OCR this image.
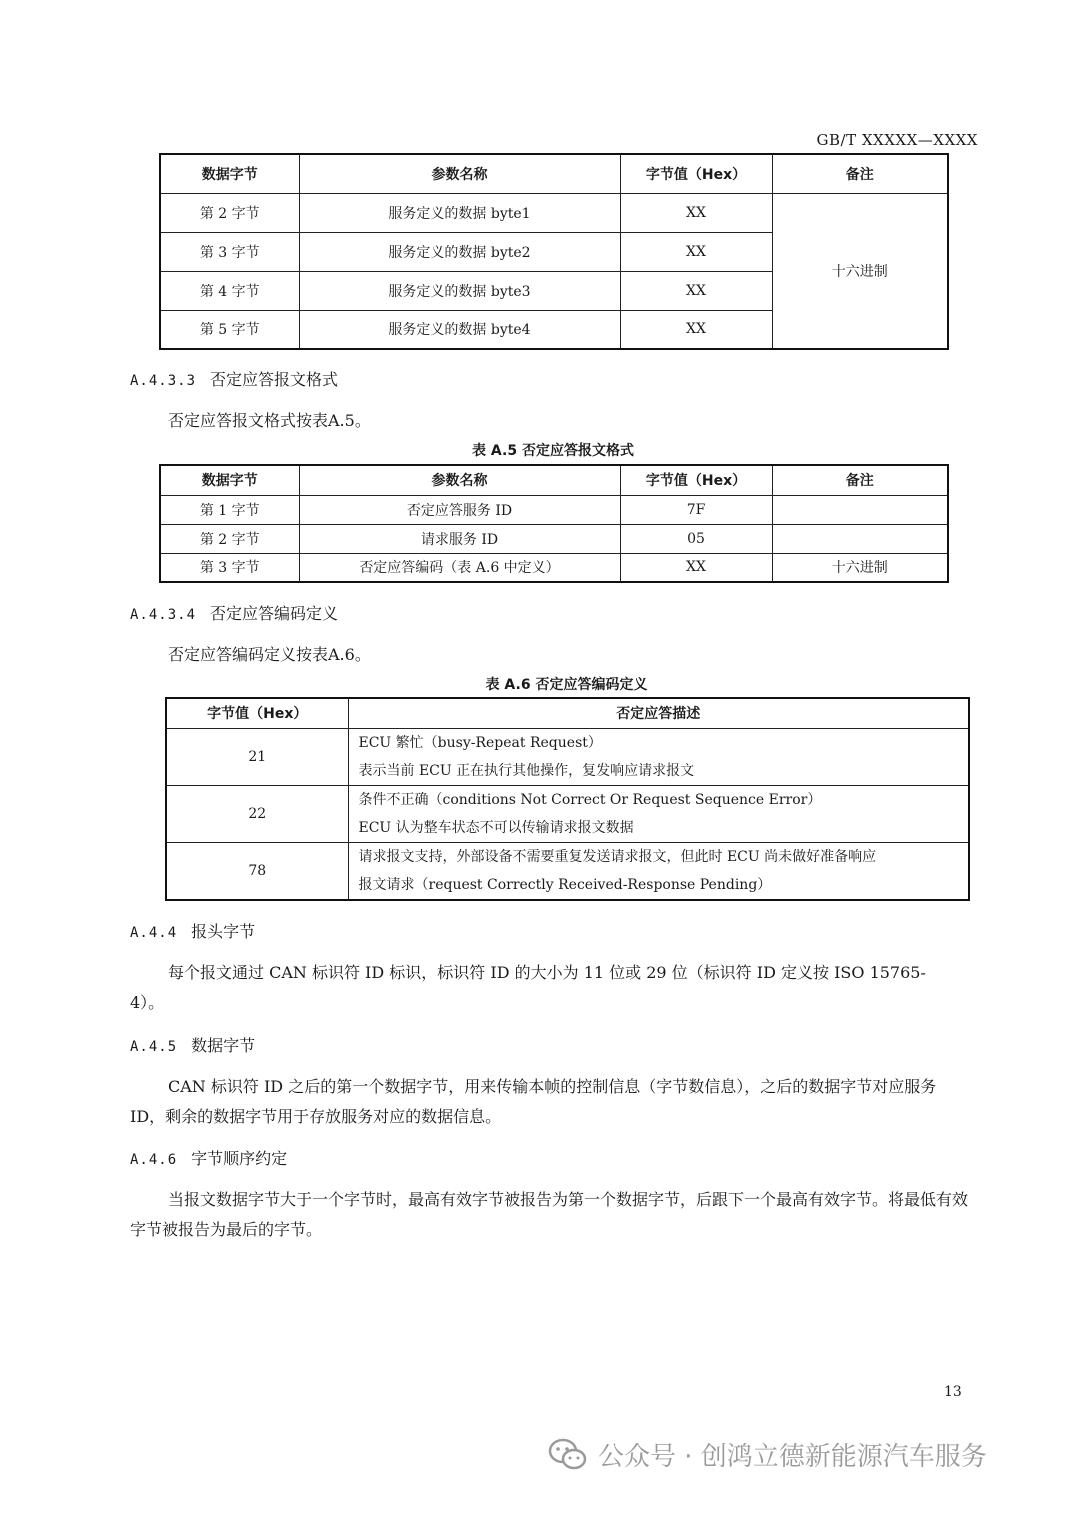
GB/T XXXXX—XXXX
数据字节	参数名称	字节值（Hex）	备注
第 2 字节	服务定义的数据 byte1	XX	十六进制
第 3 字节	服务定义的数据 byte2	XX	
第 4 字节	服务定义的数据 byte3	XX	
第 5 字节	服务定义的数据 byte4	XX	
A.4.3.3 否定应答报文格式
否定应答报文格式按表A.5。
表 A.5 否定应答报文格式
数据字节	参数名称	字节值（Hex）	备注
第 1 字节	否定应答服务 ID	7F	
第 2 字节	请求服务 ID	05	
第 3 字节	否定应答编码（表 A.6 中定义）	XX	十六进制
A.4.3.4 否定应答编码定义
否定应答编码定义按表A.6。
表 A.6 否定应答编码定义
字节值（Hex）	否定应答描述
21	ECU 繁忙（busy-Repeat Request）
表示当前 ECU 正在执行其他操作，复发响应请求报文

22	条件不正确（conditions Not Correct Or Request Sequence Error）
ECU 认为整车状态不可以传输请求报文数据

78	请求报文支持，外部设备不需要重复发送请求报文，但此时 ECU 尚未做好准备响应
报文请求（request Correctly Received-Response Pending）
A.4.4 报头字节
每个报文通过 CAN 标识符 ID 标识，标识符 ID 的大小为 11 位或 29 位（标识符 ID 定义按 ISO 15765-4）。
A.4.5 数据字节
CAN 标识符 ID 之后的第一个数据字节，用来传输本帧的控制信息（字节数信息），之后的数据字节对应服务 ID，剩余的数据字节用于存放服务对应的数据信息。
A.4.6 字节顺序约定
当报文数据字节大于一个字节时，最高有效字节被报告为第一个数据字节，后跟下一个最高有效字节。将最低有效字节被报告为最后的字节。
13
公众号 · 创鸿立德新能源汽车服务
